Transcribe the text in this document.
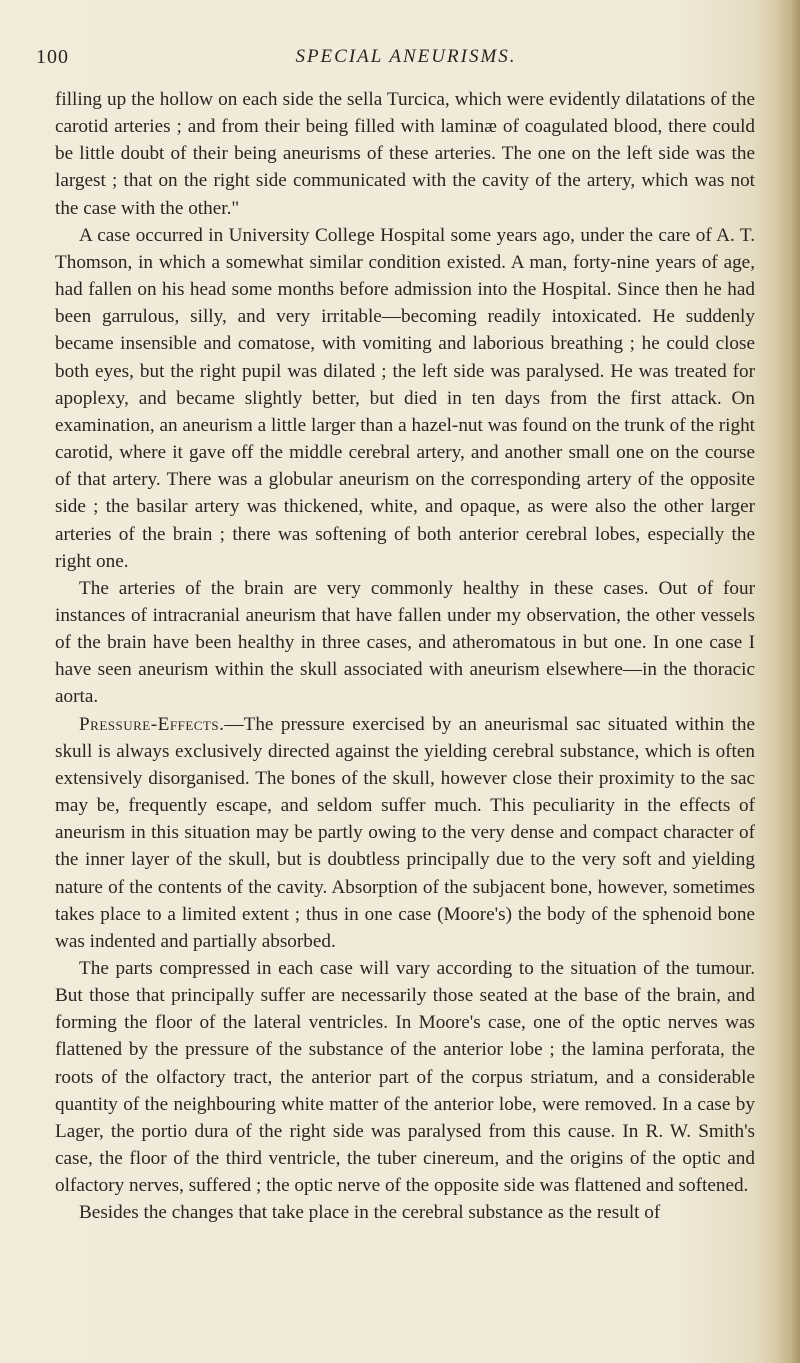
100	SPECIAL ANEURISMS.

filling up the hollow on each side the sella Turcica, which were evidently dilatations of the carotid arteries ; and from their being filled with laminæ of coagulated blood, there could be little doubt of their being aneurisms of these arteries. The one on the left side was the largest ; that on the right side communicated with the cavity of the artery, which was not the case with the other."

A case occurred in University College Hospital some years ago, under the care of A. T. Thomson, in which a somewhat similar condition existed. A man, forty-nine years of age, had fallen on his head some months before admission into the Hospital. Since then he had been garrulous, silly, and very irritable—becoming readily intoxicated. He suddenly became insensible and comatose, with vomiting and laborious breathing ; he could close both eyes, but the right pupil was dilated ; the left side was paralysed. He was treated for apoplexy, and became slightly better, but died in ten days from the first attack. On examination, an aneurism a little larger than a hazel-nut was found on the trunk of the right carotid, where it gave off the middle cerebral artery, and another small one on the course of that artery. There was a globular aneurism on the corresponding artery of the opposite side ; the basilar artery was thickened, white, and opaque, as were also the other larger arteries of the brain ; there was softening of both anterior cerebral lobes, especially the right one.

The arteries of the brain are very commonly healthy in these cases. Out of four instances of intracranial aneurism that have fallen under my observation, the other vessels of the brain have been healthy in three cases, and atheromatous in but one. In one case I have seen aneurism within the skull associated with aneurism elsewhere—in the thoracic aorta.

Pressure-Effects.—The pressure exercised by an aneurismal sac situated within the skull is always exclusively directed against the yielding cerebral substance, which is often extensively disorganised. The bones of the skull, however close their proximity to the sac may be, frequently escape, and seldom suffer much. This peculiarity in the effects of aneurism in this situation may be partly owing to the very dense and compact character of the inner layer of the skull, but is doubtless principally due to the very soft and yielding nature of the contents of the cavity. Absorption of the subjacent bone, however, sometimes takes place to a limited extent ; thus in one case (Moore's) the body of the sphenoid bone was indented and partially absorbed.

The parts compressed in each case will vary according to the situation of the tumour. But those that principally suffer are necessarily those seated at the base of the brain, and forming the floor of the lateral ventricles. In Moore's case, one of the optic nerves was flattened by the pressure of the substance of the anterior lobe ; the lamina perforata, the roots of the olfactory tract, the anterior part of the corpus striatum, and a considerable quantity of the neighbouring white matter of the anterior lobe, were removed. In a case by Lager, the portio dura of the right side was paralysed from this cause. In R. W. Smith's case, the floor of the third ventricle, the tuber cinereum, and the origins of the optic and olfactory nerves, suffered ; the optic nerve of the opposite side was flattened and softened.

Besides the changes that take place in the cerebral substance as the result of
